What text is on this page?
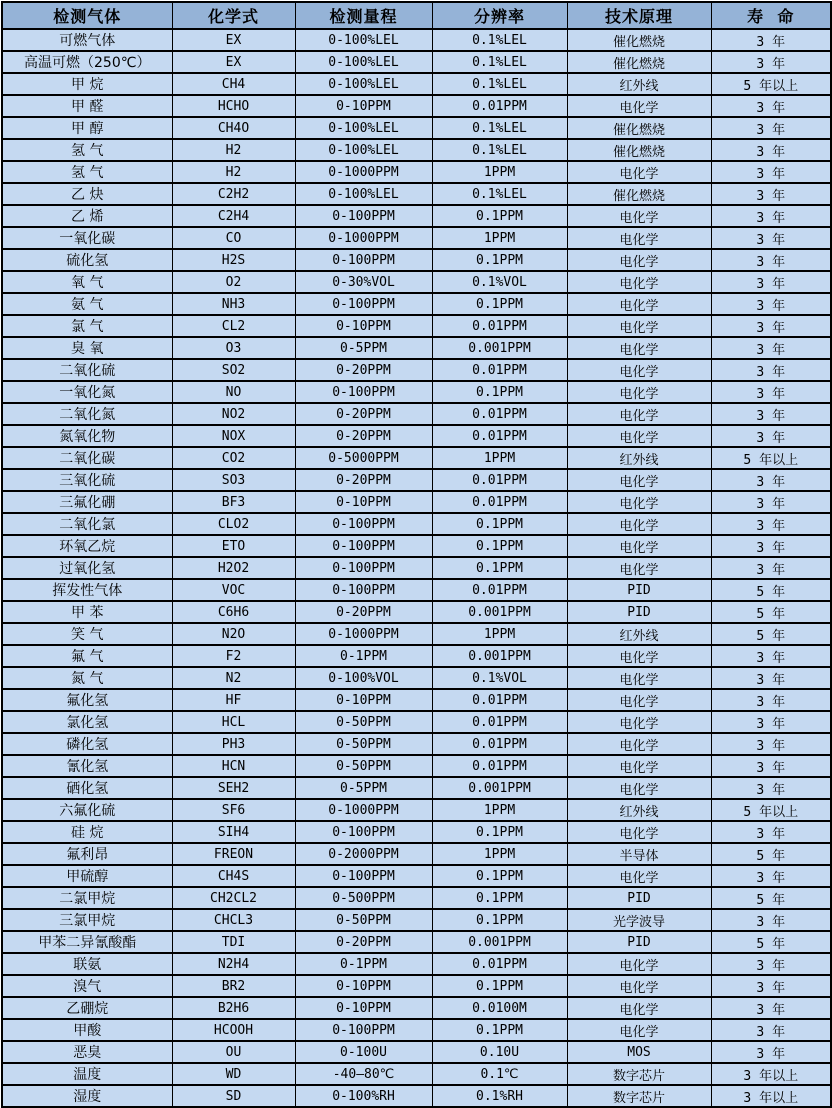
检测气体	化学式	检测量程	分辨率	技术原理	寿  命
可燃气体	EX	0-100%LEL	0.1%LEL	催化燃烧	3 年
高温可燃（250℃）	EX	0-100%LEL	0.1%LEL	催化燃烧	3 年
甲 烷	CH4	0-100%LEL	0.1%LEL	红外线	5 年以上
甲 醛	HCHO	0-10PPM	0.01PPM	电化学	3 年
甲 醇	CH4O	0-100%LEL	0.1%LEL	催化燃烧	3 年
氢 气	H2	0-100%LEL	0.1%LEL	催化燃烧	3 年
氢 气	H2	0-1000PPM	1PPM	电化学	3 年
乙 炔	C2H2	0-100%LEL	0.1%LEL	催化燃烧	3 年
乙 烯	C2H4	0-100PPM	0.1PPM	电化学	3 年
一氧化碳	CO	0-1000PPM	1PPM	电化学	3 年
硫化氢	H2S	0-100PPM	0.1PPM	电化学	3 年
氧 气	O2	0-30%VOL	0.1%VOL	电化学	3 年
氨 气	NH3	0-100PPM	0.1PPM	电化学	3 年
氯 气	CL2	0-10PPM	0.01PPM	电化学	3 年
臭 氧	O3	0-5PPM	0.001PPM	电化学	3 年
二氧化硫	SO2	0-20PPM	0.01PPM	电化学	3 年
一氧化氮	NO	0-100PPM	0.1PPM	电化学	3 年
二氧化氮	NO2	0-20PPM	0.01PPM	电化学	3 年
氮氧化物	NOX	0-20PPM	0.01PPM	电化学	3 年
二氧化碳	CO2	0-5000PPM	1PPM	红外线	5 年以上
三氧化硫	SO3	0-20PPM	0.01PPM	电化学	3 年
三氟化硼	BF3	0-10PPM	0.01PPM	电化学	3 年
二氧化氯	CLO2	0-100PPM	0.1PPM	电化学	3 年
环氧乙烷	ETO	0-100PPM	0.1PPM	电化学	3 年
过氧化氢	H2O2	0-100PPM	0.1PPM	电化学	3 年
挥发性气体	VOC	0-100PPM	0.01PPM	PID	5 年
甲 苯	C6H6	0-20PPM	0.001PPM	PID	5 年
笑 气	N2O	0-1000PPM	1PPM	红外线	5 年
氟 气	F2	0-1PPM	0.001PPM	电化学	3 年
氮 气	N2	0-100%VOL	0.1%VOL	电化学	3 年
氟化氢	HF	0-10PPM	0.01PPM	电化学	3 年
氯化氢	HCL	0-50PPM	0.01PPM	电化学	3 年
磷化氢	PH3	0-50PPM	0.01PPM	电化学	3 年
氰化氢	HCN	0-50PPM	0.01PPM	电化学	3 年
硒化氢	SEH2	0-5PPM	0.001PPM	电化学	3 年
六氟化硫	SF6	0-1000PPM	1PPM	红外线	5 年以上
硅 烷	SIH4	0-100PPM	0.1PPM	电化学	3 年
氟利昂	FREON	0-2000PPM	1PPM	半导体	5 年
甲硫醇	CH4S	0-100PPM	0.1PPM	电化学	3 年
二氯甲烷	CH2CL2	0-500PPM	0.1PPM	PID	5 年
三氯甲烷	CHCL3	0-50PPM	0.1PPM	光学波导	3 年
甲苯二异氰酸酯	TDI	0-20PPM	0.001PPM	PID	5 年
联氨	N2H4	0-1PPM	0.01PPM	电化学	3 年
溴气	BR2	0-10PPM	0.1PPM	电化学	3 年
乙硼烷	B2H6	0-10PPM	0.0100M	电化学	3 年
甲酸	HCOOH	0-100PPM	0.1PPM	电化学	3 年
恶臭	OU	0-100U	0.10U	MOS	3 年
温度	WD	-40—80℃	0.1℃	数字芯片	3 年以上
湿度	SD	0-100%RH	0.1%RH	数字芯片	3 年以上
